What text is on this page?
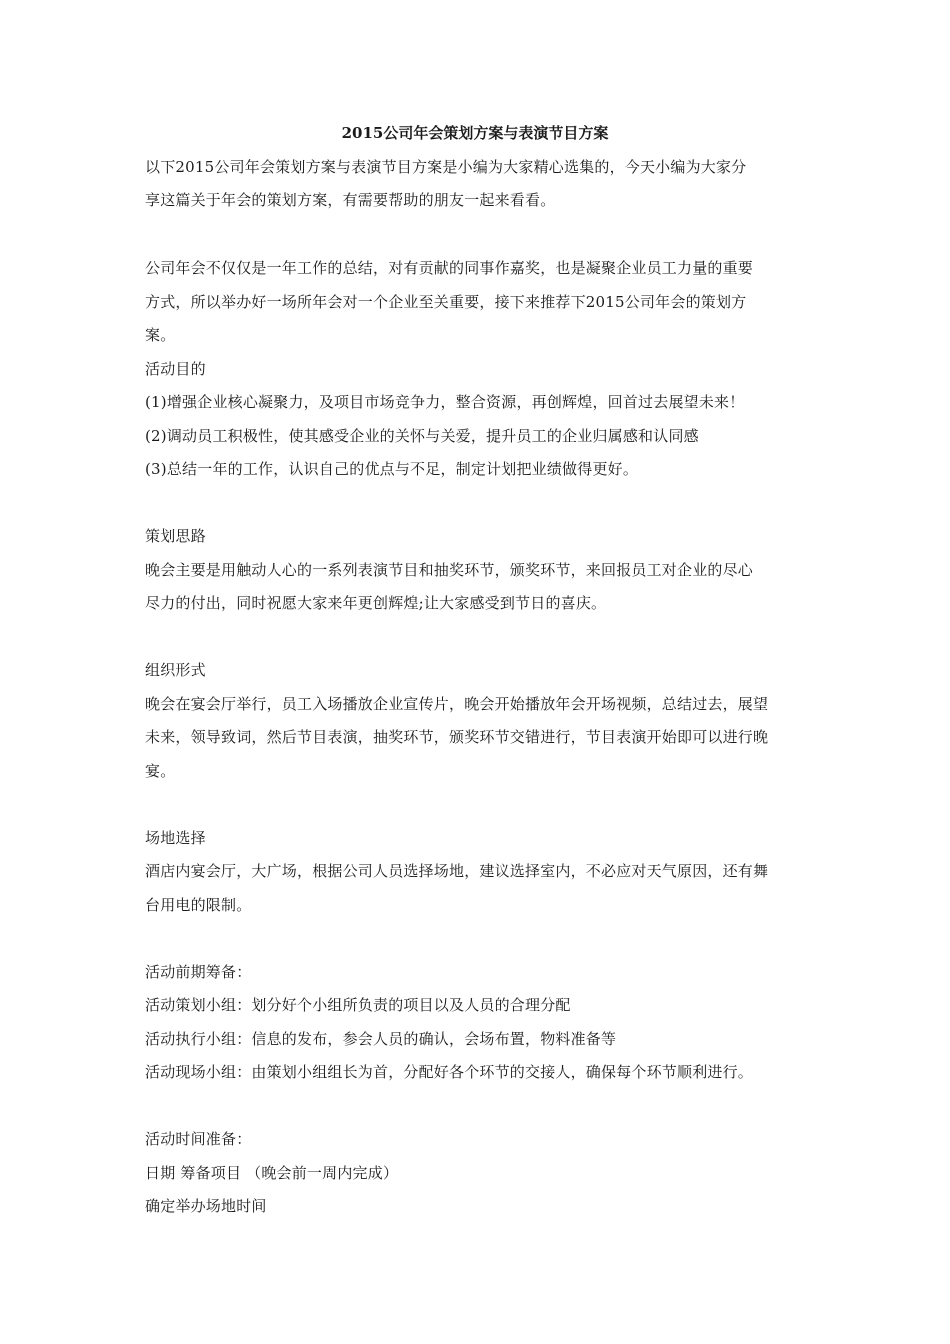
2015公司年会策划方案与表演节目方案
以下2015公司年会策划方案与表演节目方案是小编为大家精心选集的，今天小编为大家分
享这篇关于年会的策划方案，有需要帮助的朋友一起来看看。
公司年会不仅仅是一年工作的总结，对有贡献的同事作嘉奖，也是凝聚企业员工力量的重要
方式，所以举办好一场所年会对一个企业至关重要，接下来推荐下2015公司年会的策划方
案。
活动目的
(1)增强企业核心凝聚力，及项目市场竞争力，整合资源，再创辉煌，回首过去展望未来！
(2)调动员工积极性，使其感受企业的关怀与关爱，提升员工的企业归属感和认同感
(3)总结一年的工作，认识自己的优点与不足，制定计划把业绩做得更好。
策划思路
晚会主要是用触动人心的一系列表演节目和抽奖环节，颁奖环节，来回报员工对企业的尽心
尽力的付出，同时祝愿大家来年更创辉煌;让大家感受到节日的喜庆。
组织形式
晚会在宴会厅举行，员工入场播放企业宣传片，晚会开始播放年会开场视频，总结过去，展望
未来，领导致词，然后节目表演，抽奖环节，颁奖环节交错进行，节目表演开始即可以进行晚
宴。
场地选择
酒店内宴会厅，大广场，根据公司人员选择场地，建议选择室内，不必应对天气原因，还有舞
台用电的限制。
活动前期筹备：
活动策划小组：划分好个小组所负责的项目以及人员的合理分配
活动执行小组：信息的发布，参会人员的确认，会场布置，物料准备等
活动现场小组：由策划小组组长为首，分配好各个环节的交接人，确保每个环节顺利进行。
活动时间准备：
日期 筹备项目 （晚会前一周内完成）
确定举办场地时间
